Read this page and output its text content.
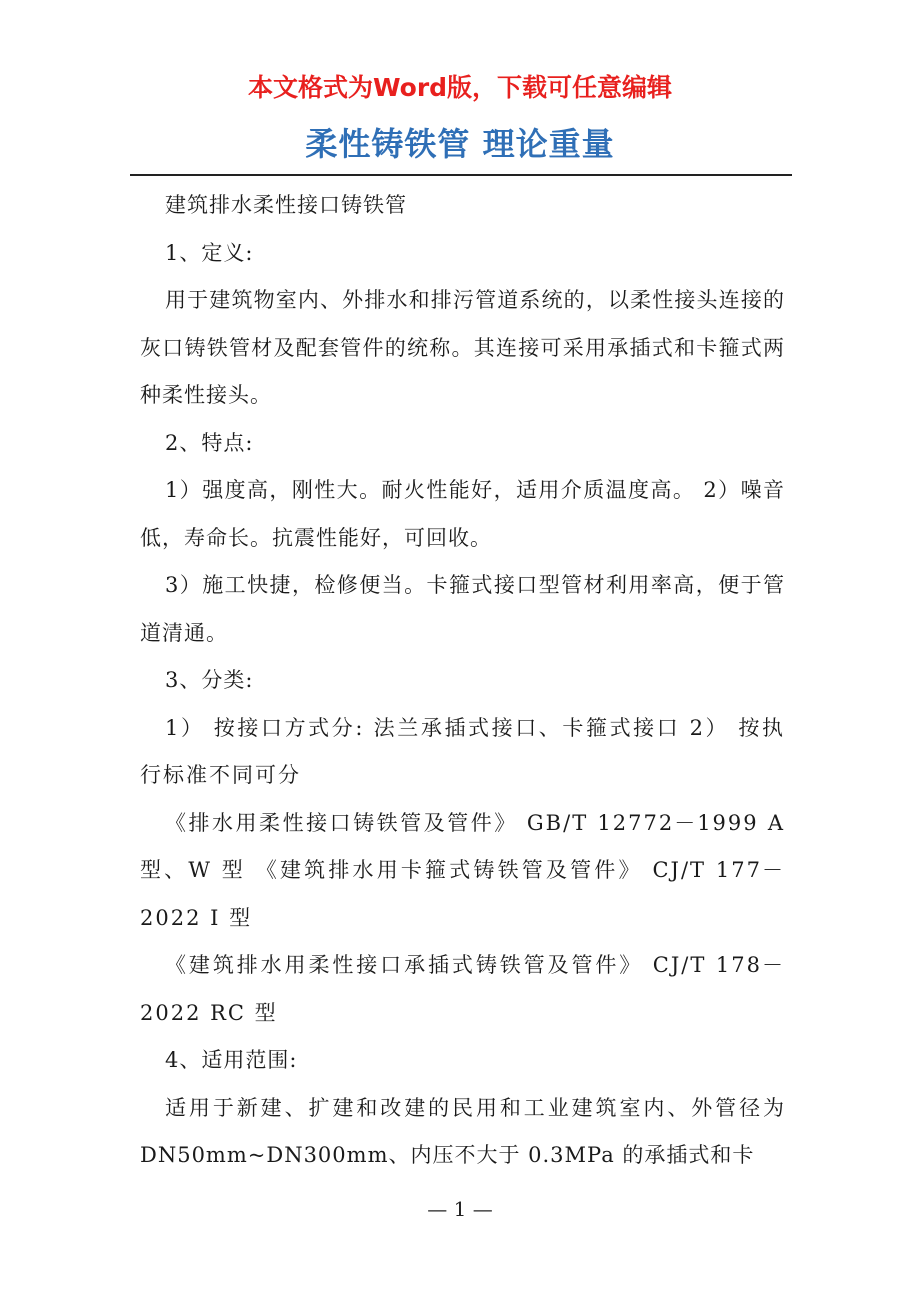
本文格式为Word版，下载可任意编辑
柔性铸铁管 理论重量

建筑排水柔性接口铸铁管

1、定义:

用于建筑物室内、外排水和排污管道系统的，以柔性接头连接的灰口铸铁管材及配套管件的统称。其连接可采用承插式和卡箍式两种柔性接头。

2、特点:

1）强度高，刚性大。耐火性能好，适用介质温度高。 2）噪音低，寿命长。抗震性能好，可回收。

3）施工快捷，检修便当。卡箍式接口型管材利用率高，便于管道清通。

3、分类:

1） 按接口方式分: 法兰承插式接口、卡箍式接口 2） 按执行标准不同可分

《排水用柔性接口铸铁管及管件》 GB/T 12772－1999 A 型、W 型 《建筑排水用卡箍式铸铁管及管件》 CJ/T 177－2022 I 型

《建筑排水用柔性接口承插式铸铁管及管件》 CJ/T 178－2022 RC 型

4、适用范围:

适用于新建、扩建和改建的民用和工业建筑室内、外管径为 DN50mm~DN300mm、内压不大于 0.3MPa 的承插式和卡

— 1 —
